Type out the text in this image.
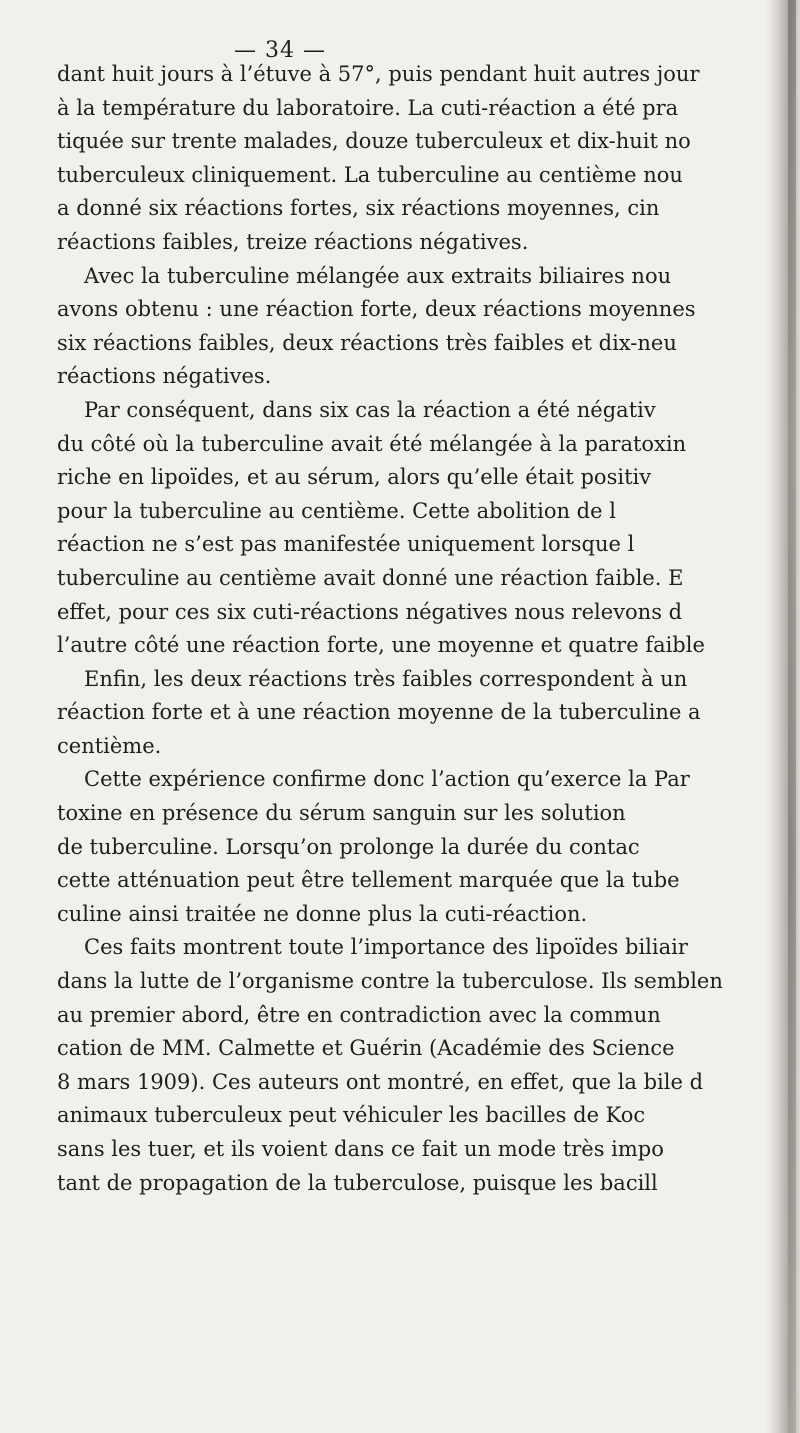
— 34 —
dant huit jours à l’étuve à 57°, puis pendant huit autres jour
à la température du laboratoire. La cuti-réaction a été pra
tiquée sur trente malades, douze tuberculeux et dix-huit no
tuberculeux cliniquement. La tuberculine au centième nou
a donné six réactions fortes, six réactions moyennes, cin
réactions faibles, treize réactions négatives.
Avec la tuberculine mélangée aux extraits biliaires nou
avons obtenu : une réaction forte, deux réactions moyennes
six réactions faibles, deux réactions très faibles et dix-neu
réactions négatives.
Par conséquent, dans six cas la réaction a été négativ
du côté où la tuberculine avait été mélangée à la paratoxin
riche en lipoïdes, et au sérum, alors qu’elle était positiv
pour la tuberculine au centième. Cette abolition de l
réaction ne s’est pas manifestée uniquement lorsque l
tuberculine au centième avait donné une réaction faible. E
effet, pour ces six cuti-réactions négatives nous relevons d
l’autre côté une réaction forte, une moyenne et quatre faible
Enfin, les deux réactions très faibles correspondent à un
réaction forte et à une réaction moyenne de la tuberculine a
centième.
Cette expérience confirme donc l’action qu’exerce la Par
toxine en présence du sérum sanguin sur les solution
de tuberculine. Lorsqu’on prolonge la durée du contac
cette atténuation peut être tellement marquée que la tube
culine ainsi traitée ne donne plus la cuti-réaction.
Ces faits montrent toute l’importance des lipoïdes biliair
dans la lutte de l’organisme contre la tuberculose. Ils semblen
au premier abord, être en contradiction avec la commun
cation de MM. Calmette et Guérin (Académie des Science
8 mars 1909). Ces auteurs ont montré, en effet, que la bile d
animaux tuberculeux peut véhiculer les bacilles de Koc
sans les tuer, et ils voient dans ce fait un mode très impo
tant de propagation de la tuberculose, puisque les bacill
